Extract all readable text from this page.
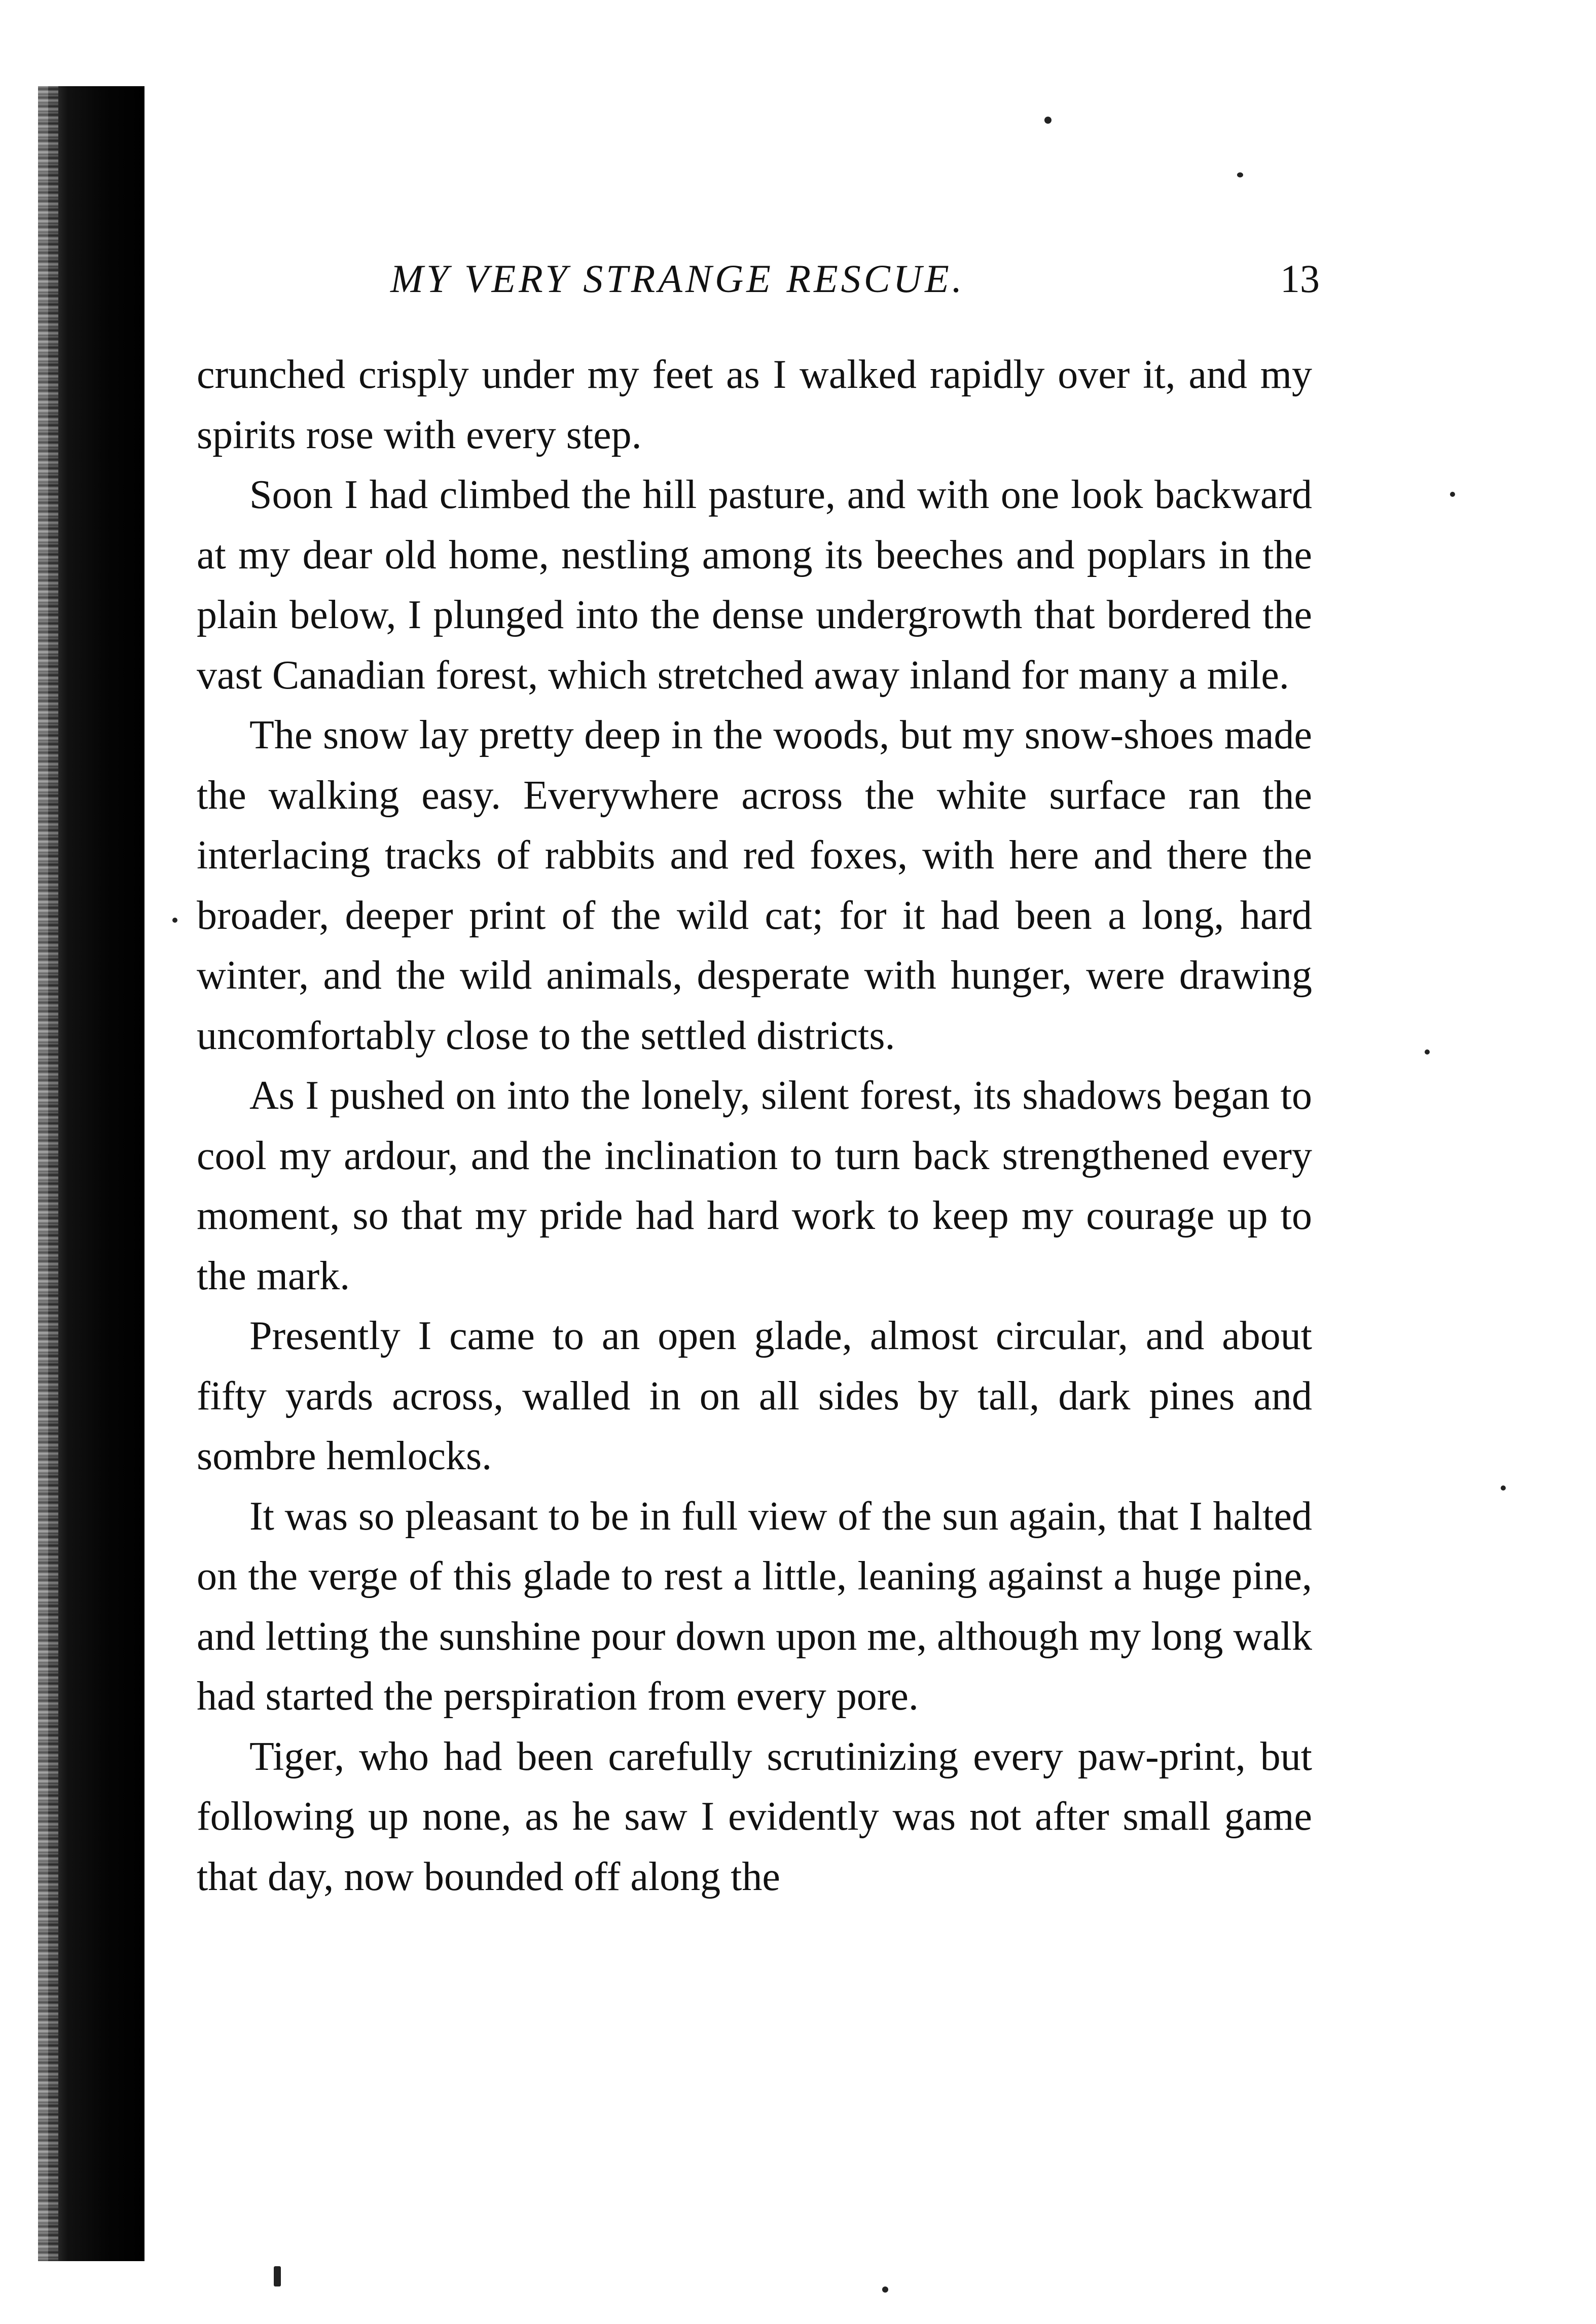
MY VERY STRANGE RESCUE.	13

crunched crisply under my feet as I walked rapidly over it, and my spirits rose with every step.

Soon I had climbed the hill pasture, and with one look backward at my dear old home, nestling among its beeches and poplars in the plain below, I plunged into the dense undergrowth that bordered the vast Canadian forest, which stretched away inland for many a mile.

The snow lay pretty deep in the woods, but my snow-shoes made the walking easy. Everywhere across the white surface ran the interlacing tracks of rabbits and red foxes, with here and there the broader, deeper print of the wild cat; for it had been a long, hard winter, and the wild animals, desperate with hunger, were drawing uncomfortably close to the settled districts.

As I pushed on into the lonely, silent forest, its shadows began to cool my ardour, and the inclination to turn back strengthened every moment, so that my pride had hard work to keep my courage up to the mark.

Presently I came to an open glade, almost circular, and about fifty yards across, walled in on all sides by tall, dark pines and sombre hemlocks.

It was so pleasant to be in full view of the sun again, that I halted on the verge of this glade to rest a little, leaning against a huge pine, and letting the sunshine pour down upon me, although my long walk had started the perspiration from every pore.

Tiger, who had been carefully scrutinizing every paw-print, but following up none, as he saw I evidently was not after small game that day, now bounded off along the
